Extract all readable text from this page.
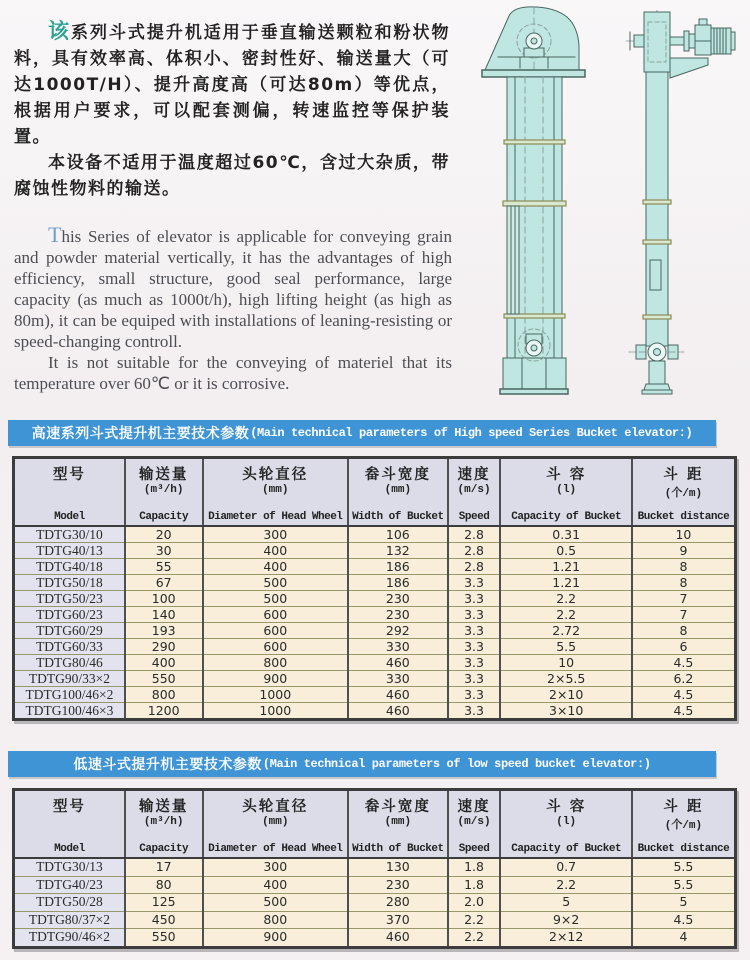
该系列斗式提升机适用于垂直输送颗粒和粉状物料，具有效率高、体积小、密封性好、输送量大（可达1000T/H）、提升高度高（可达80m）等优点，根据用户要求，可以配套测偏，转速监控等保护装置。

本设备不适用于温度超过60℃，含过大杂质，带腐蚀性物料的输送。

This Series of elevator is applicable for conveying grain and powder material vertically, it has the advantages of high efficiency, small structure, good seal performance, large capacity (as much as 1000t/h), high lifting height (as high as 80m), it can be equiped with installations of leaning-resisting or speed-changing controll.

It is not suitable for the conveying of materiel that its temperature over 60℃ or it is corrosive.

高速系列斗式提升机主要技术参数 (Main technical parameters of High speed Series Bucket elevator:)
型号
Model

输送量
(m³/h)
Capacity

头轮直径
(mm)
Diameter of Head Wheel

畚斗宽度
(mm)
Width of Bucket

速度
(m/s)
Speed

斗 容
(l)
Capacity of Bucket

斗 距
(个/m)
Bucket distance

TDTG30/10	20	300	106	2.8	0.31	10
TDTG40/13	30	400	132	2.8	0.5	9
TDTG40/18	55	400	186	2.8	1.21	8
TDTG50/18	67	500	186	3.3	1.21	8
TDTG50/23	100	500	230	3.3	2.2	7
TDTG60/23	140	600	230	3.3	2.2	7
TDTG60/29	193	600	292	3.3	2.72	8
TDTG60/33	290	600	330	3.3	5.5	6
TDTG80/46	400	800	460	3.3	10	4.5
TDTG90/33×2	550	900	330	3.3	2×5.5	6.2
TDTG100/46×2	800	1000	460	3.3	2×10	4.5
TDTG100/46×3	1200	1000	460	3.3	3×10	4.5
低速斗式提升机主要技术参数 (Main technical parameters of low speed bucket elevator:)
型号
Model

输送量
(m³/h)
Capacity

头轮直径
(mm)
Diameter of Head Wheel

畚斗宽度
(mm)
Width of Bucket

速度
(m/s)
Speed

斗 容
(l)
Capacity of Bucket

斗 距
(个/m)
Bucket distance

TDTG30/13	17	300	130	1.8	0.7	5.5
TDTG40/23	80	400	230	1.8	2.2	5.5
TDTG50/28	125	500	280	2.0	5	5
TDTG80/37×2	450	800	370	2.2	9×2	4.5
TDTG90/46×2	550	900	460	2.2	2×12	4
